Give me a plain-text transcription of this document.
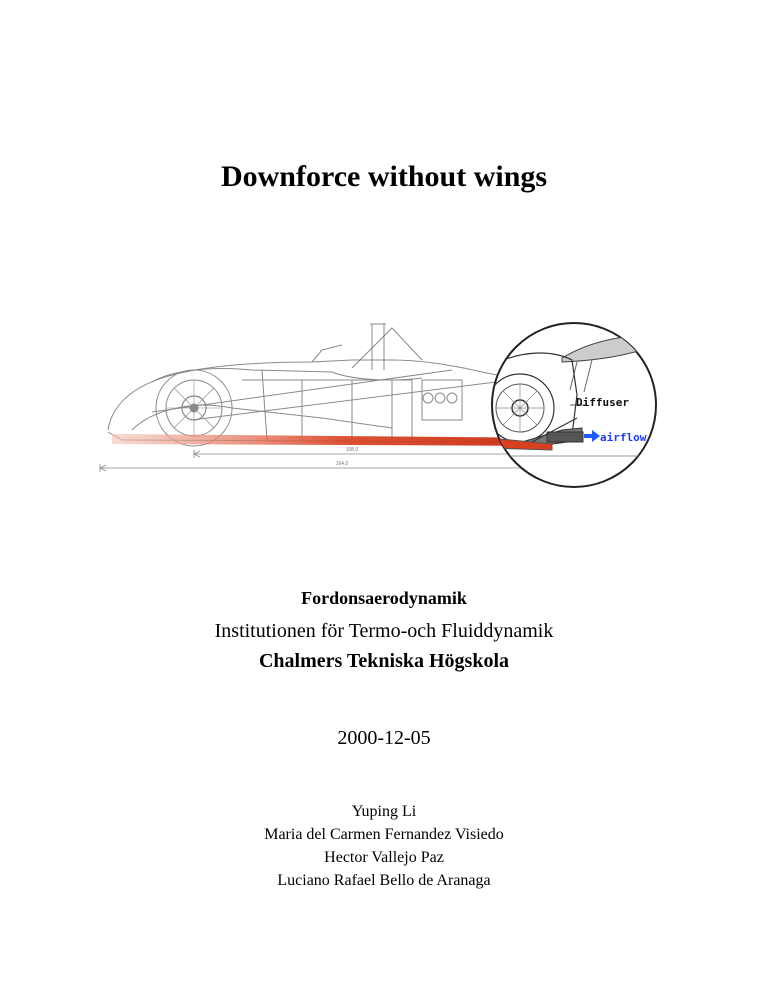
Downforce without wings
108,0
164,0
Diffuser
airflow
Fordonsaerodynamik
Institutionen för Termo-och Fluiddynamik
Chalmers Tekniska Högskola
2000-12-05
Yuping Li
Maria del Carmen Fernandez Visiedo
Hector Vallejo Paz
Luciano Rafael Bello de Aranaga
